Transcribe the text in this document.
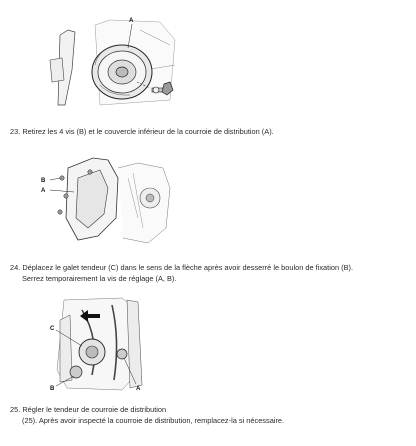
A
23. Retirez les 4 vis (B) et le couvercle inférieur de la courroie de distribution (A).
B
A
24. Déplacez le galet tendeur (C) dans le sens de la flèche après avoir desserré le boulon de fixation (B).
Serrez temporairement la vis de réglage (A, B).
C
B	A
25. Régler le tendeur de courroie de distribution
(25). Après avoir inspecté la courroie de distribution, remplacez-la si nécessaire.
